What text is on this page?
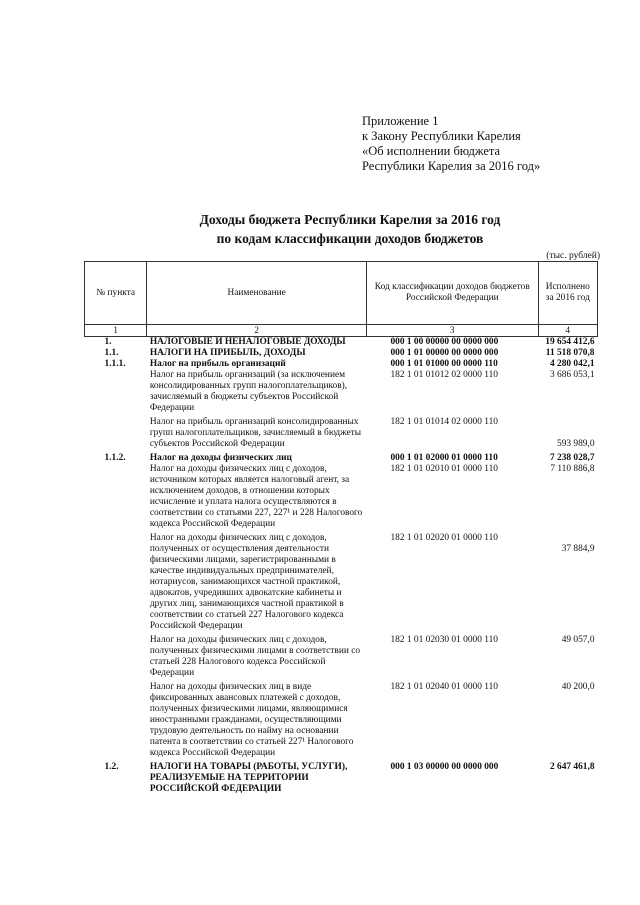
Приложение 1
к Закону Республики Карелия
«Об исполнении бюджета
Республики Карелия за 2016 год»
Доходы бюджета Республики Карелия за 2016 год
по кодам классификации доходов бюджетов
(тыс. рублей)
№ пункта	Наименование	Код классификации доходов бюджетов Российской Федерации	Исполнено за 2016 год
1	2	3	4
1.	НАЛОГОВЫЕ И НЕНАЛОГОВЫЕ ДОХОДЫ	000 1 00 00000 00 0000 000	19 654 412,6
1.1.	НАЛОГИ НА ПРИБЫЛЬ, ДОХОДЫ	000 1 01 00000 00 0000 000	11 518 070,8
1.1.1.	Налог на прибыль организаций	000 1 01 01000 00 0000 110	4 280 042,1
	Налог на прибыль организаций (за исключением консолидированных групп налогоплательщиков), зачисляемый в бюджеты субъектов Российской Федерации	182 1 01 01012 02 0000 110	3 686 053,1
	Налог на прибыль организаций консолидированных групп налогоплательщиков, зачисляемый в бюджеты субъектов Российской Федерации	182 1 01 01014 02 0000 110	593 989,0
1.1.2.	Налог на доходы физических лиц	000 1 01 02000 01 0000 110	7 238 028,7
	Налог на доходы физических лиц с доходов, источником которых является налоговый агент, за исключением доходов, в отношении которых исчисление и уплата налога осуществляются в соответствии со статьями 227, 227¹ и 228 Налогового кодекса Российской Федерации	182 1 01 02010 01 0000 110	7 110 886,8
	Налог на доходы физических лиц с доходов, полученных от осуществления деятельности физическими лицами, зарегистрированными в качестве индивидуальных предпринимателей, нотариусов, занимающихся частной практикой, адвокатов, учредивших адвокатские кабинеты и других лиц, занимающихся частной практикой в соответствии со статьей 227 Налогового кодекса Российской Федерации	182 1 01 02020 01 0000 110	37 884,9
	Налог на доходы физических лиц с доходов, полученных физическими лицами в соответствии со статьей 228 Налогового кодекса Российской Федерации	182 1 01 02030 01 0000 110	49 057,0
	Налог на доходы физических лиц в виде фиксированных авансовых платежей с доходов, полученных физическими лицами, являющимися иностранными гражданами, осуществляющими трудовую деятельность по найму на основании патента в соответствии со статьей 227¹ Налогового кодекса Российской Федерации	182 1 01 02040 01 0000 110	40 200,0
1.2.	НАЛОГИ НА ТОВАРЫ (РАБОТЫ, УСЛУГИ), РЕАЛИЗУЕМЫЕ НА ТЕРРИТОРИИ РОССИЙСКОЙ ФЕДЕРАЦИИ	000 1 03 00000 00 0000 000	2 647 461,8
